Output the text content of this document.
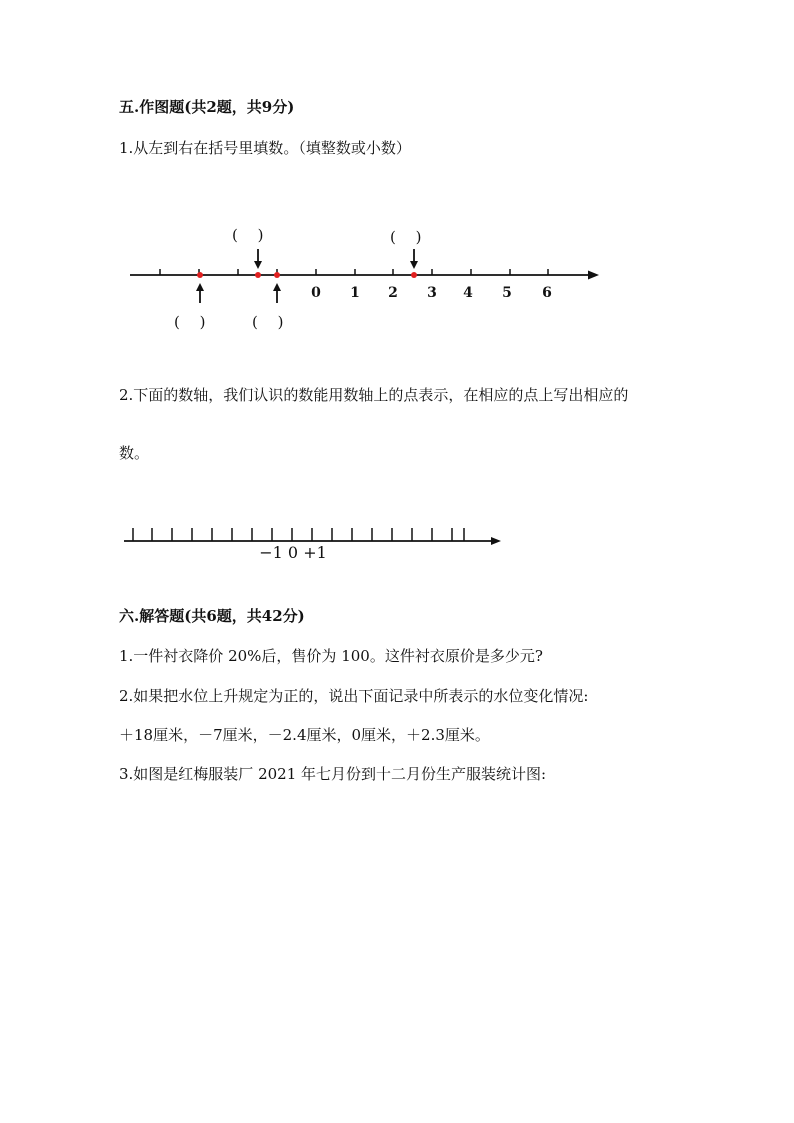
五.作图题(共2题，共9分)
1.从左到右在括号里填数。（填整数或小数）
0 1 2 3 4 5 6
(　 )	(　 )
(　 )	(　 )
2.下面的数轴，我们认识的数能用数轴上的点表示，在相应的点上写出相应的
数。
−1 0 +1
六.解答题(共6题，共42分)
1.一件衬衣降价 20%后，售价为 100。这件衬衣原价是多少元?
2.如果把水位上升规定为正的，说出下面记录中所表示的水位变化情况:
＋18厘米，－7厘米，－2.4厘米，0厘米，＋2.3厘米。
3.如图是红梅服装厂 2021 年七月份到十二月份生产服装统计图:
